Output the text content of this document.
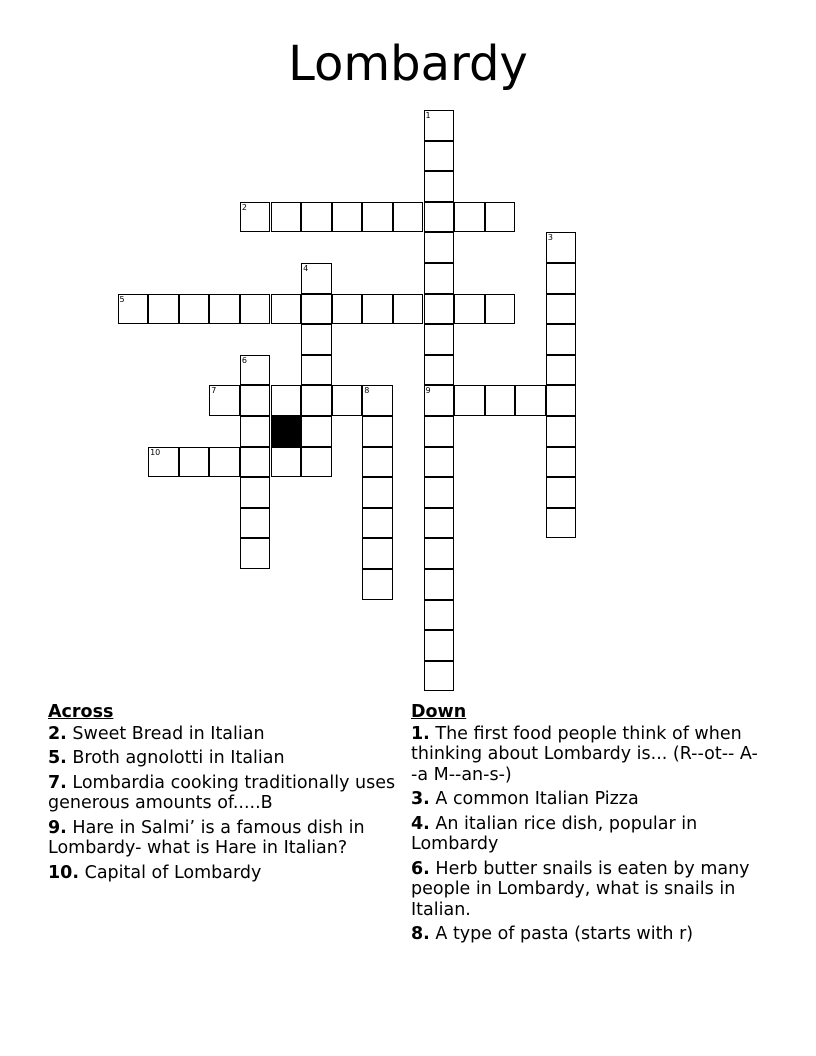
Lombardy
1
9
2
3
4
5
6
7	8
10
Across
2. Sweet Bread in Italian
5. Broth agnolotti in Italian
7. Lombardia cooking traditionally uses generous amounts of.....B
9. Hare in Salmi’ is a famous dish in Lombardy- what is Hare in Italian?
10. Capital of Lombardy
Down
1. The first food people think of when thinking about Lombardy is... (R--ot-- A--a M--an-s-)
3. A common Italian Pizza
4. An italian rice dish, popular in Lombardy
6. Herb butter snails is eaten by many people in Lombardy, what is snails in Italian.
8. A type of pasta (starts with r)
